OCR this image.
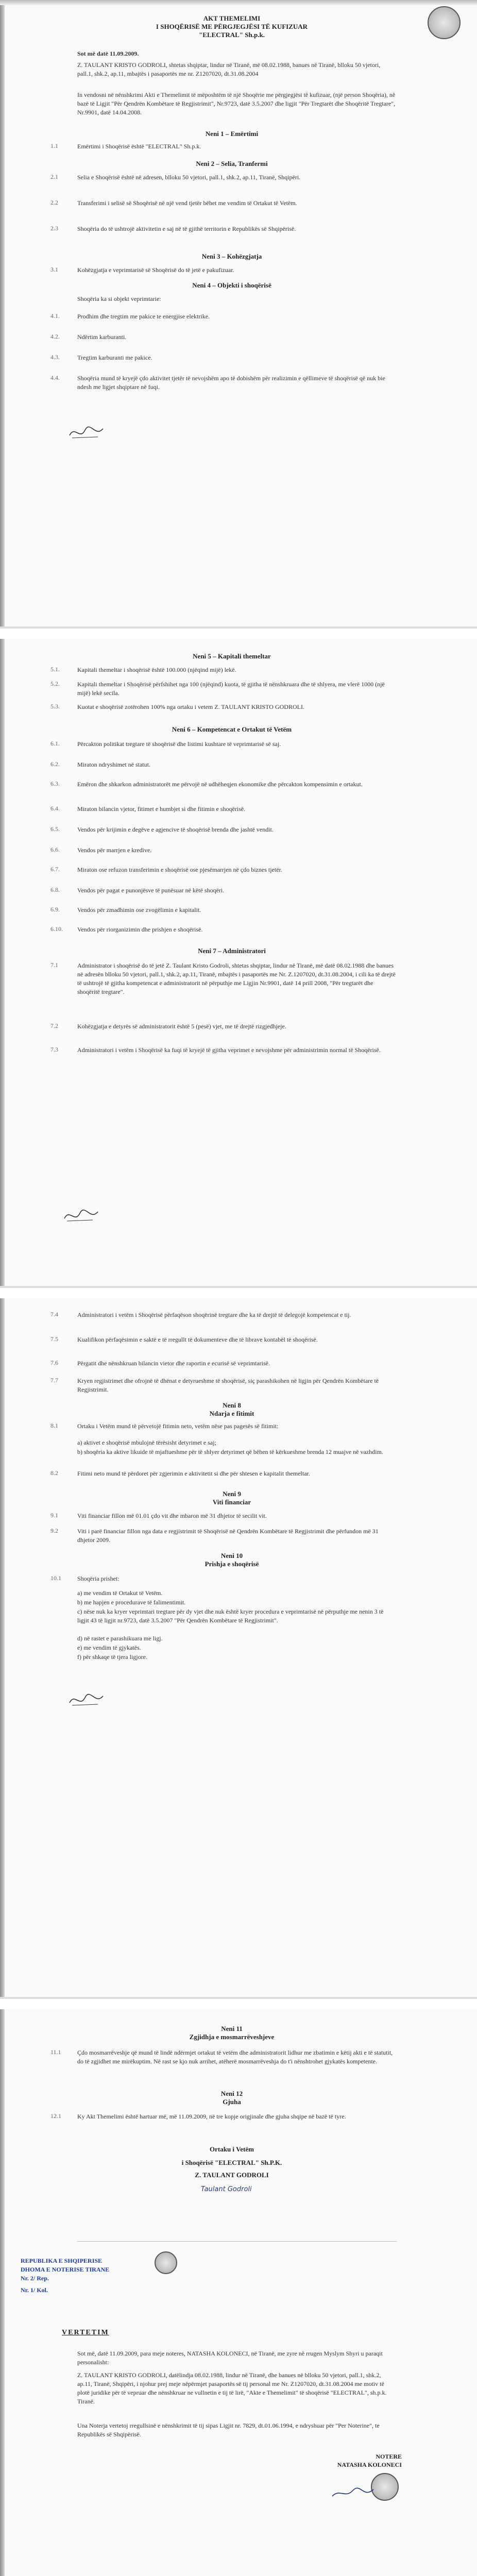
AKT THEMELIMI
I SHOQËRISË ME PËRGJEGJËSI TË KUFIZUAR
"ELECTRAL" Sh.p.k.
Sot më datë 11.09.2009.
Z. TAULANT KRISTO GODROLI, shtetas shqiptar, lindur në Tiranë, më 08.02.1988, banues në Tiranë, blloku 50 vjetori, pall.1, shk.2, ap.11, mbajtës i pasaportës me nr. Z1207020, dt.31.08.2004
In vendosni në nënshkrimi Akti e Themelimit të mëposhtëm të një Shoqërie me përgjegjësi të kufizuar, (një person Shoqëria), në bazë të Ligjit "Për Qendrën Kombëtare të Regjistrimit", Nr.9723, datë 3.5.2007 dhe ligjit "Për Tregtarët dhe Shoqëritë Tregtare", Nr.9901, datë 14.04.2008.
Neni 1 – Emërtimi
1.1	Emërtimi i Shoqërisë është "ELECTRAL" Sh.p.k.
Neni 2 – Selia, Tranfermi
2.1	Selia e Shoqërisë është në adresen, blloku 50 vjetori, pall.1, shk.2, ap.11, Tiranë, Shqipëri.
2.2	Transferimi i selisë së Shoqërisë në një vend tjetër bëhet me vendim të Ortakut të Vetëm.
2.3	Shoqëria do të ushtrojë aktivitetin e saj në të gjithë territorin e Republikës së Shqipërisë.
Neni 3 – Kohëzgjatja
3.1	Kohëzgjatja e veprimtarisë së Shoqërisë do të jetë e pakufizuar.
Neni 4 – Objekti i shoqërisë
Shoqëria ka si objekt veprimtarie:
4.1.	Prodhim dhe tregtim me pakice te energjise elektrike.
4.2.	Ndërtim karburanti.
4.3.	Tregtim karburanti me pakice.
4.4.	Shoqëria mund të kryejë çdo aktivitet tjetër të nevojshëm apo të dobishëm për realizimin e qëllimeve të shoqërisë që nuk bie ndesh me ligjet shqiptare në fuqi.
Neni 5 – Kapitali themeltar
5.1.	Kapitali themeltar i shoqërisë është 100.000 (njëqind mijë) lekë.
5.2.	Kapitali themeltar i Shoqërisë përfshihet nga 100 (njëqind) kuota, të gjitha të nënshkruara dhe të shlyera, me vlerë 1000 (një mijë) lekë secila.
5.3.	Kuotat e shoqërisë zotërohen 100% nga ortaku i vetem Z. TAULANT KRISTO GODROLI.
Neni 6 – Kompetencat e Ortakut të Vetëm
6.1.	Përcakton politikat tregtare të shoqërisë dhe listimi kushtare të veprimtarisë së saj.
6.2.	Miraton ndryshimet në statut.
6.3.	Emëron dhe shkarkon administratorët me përvojë në udhëheqjen ekonomike dhe përcakton kompensimin e ortakut.
6.4.	Miraton bilancin vjetor, fitimet e humbjet si dhe fitimin e shoqërisë.
6.5.	Vendos për krijimin e degëve e agjencive të shoqërisë brenda dhe jashtë vendit.
6.6.	Vendos për marrjen e kredive.
6.7.	Miraton ose refuzon transferimin e shoqërisë ose pjesëmarrjen në çdo biznes tjetër.
6.8.	Vendos për pagat e punonjësve të punësuar në këtë shoqëri.
6.9.	Vendos për zmadhimin ose zvogëlimin e kapitalit.
6.10. Vendos për riorganizimin dhe prishjen e shoqërisë.
Neni 7 – Administratori
7.1	Administrator i shoqërisë do të jetë Z. Taulant Kristo Godroli, shtetas shqiptar, lindur në Tiranë, më datë 08.02.1988 dhe banues në adresën blloku 50 vjetori, pall.1, shk.2, ap.11, Tiranë, mbajtës i pasaportës me Nr. Z.1207020, dt.31.08.2004, i cili ka të drejtë të ushtrojë të gjitha kompetencat e administratorit në përputhje me Ligjin Nr.9901, datë 14 prill 2008, "Për tregtarët dhe shoqëritë tregtare".
7.2	Kohëzgjatja e detyrës së administratorit është 5 (pesë) vjet, me të drejtë rizgjedhjeje.
7.3	Administratori i vetëm i Shoqërisë ka fuqi të kryejë të gjitha veprimet e nevojshme për administrimin normal të Shoqërisë.
7.4	Administratori i vetëm i Shoqërisë përfaqëson shoqërinë tregtare dhe ka të drejtë të delegojë kompetencat e tij.
7.5	Kualifikon përfaqësimin e saktë e të rregullt të dokumenteve dhe të librave kontabël të shoqërisë.
7.6	Përgatit dhe nënshkruan bilancin vietor dhe raportin e ecurisë së veprimtarisë.
7.7	Kryen regjistrimet dhe ofrojnë të dhënat e detyrueshme të shoqërisë, siç parashikohen në ligjin për Qendrën Kombëtare të Regjistrimit.
Neni 8
Ndarja e fitimit
8.1	Ortaku i Vetëm mund të përvetojë fitimin neto, vetëm nëse pas pagesës së fitimit:
a) aktivet e shoqërisë mbulojnë tërësisht detyrimet e saj;
b) shoqëria ka aktive likuide të mjaftueshme për të shlyer detyrimet që bëhen të kërkueshme brenda 12 muajve në vazhdim.
8.2	Fitimi neto mund të përdoret për zgjerimin e aktivitetit si dhe për shtesen e kapitalit themeltar.
Neni 9
Viti financiar
9.1	Viti financiar fillon më 01.01 çdo vit dhe mbaron më 31 dhjetor të secilit vit.
9.2	Viti i parë financiar fillon nga data e regjistrimit të Shoqërisë në Qendrën Kombëtare të Regjistrimit dhe përfundon më 31 dhjetor 2009.
Neni 10
Prishja e shoqërisë
10.1	Shoqëria prishet:
a) me vendim të Ortakut të Vetëm.
b) me hapjen e procedurave të falimentimit.
c) nëse nuk ka kryer veprimtari tregtare për dy vjet dhe nuk është kryer procedura e veprimtarisë në përputhje me nenin 3 të ligjit 43 të ligjit nr.9723, datë 3.5.2007 "Për Qendrën Kombëtare të Regjistrimit".
d) në rastet e parashikuara me ligj.
e) me vendim të gjykatës.
f) për shkaqe të tjera ligjore.
Neni 11
Zgjidhja e mosmarrëveshjeve
11.1	Çdo mosmarrëveshje që mund të lindë ndërmjet ortakut të vetëm dhe administratorit lidhur me zbatimin e këtij akti e të statutit, do të zgjidhet me mirëkuptim. Në rast se kjo nuk arrihet, atëherë mosmarrëveshja do t'i nënshtrohet gjykatës kompetente.
Neni 12
Gjuha
12.1	Ky Akt Themelimi është hartuar më, më 11.09.2009, në tre kopje origjinale dhe gjuha shqipe në bazë të tyre.
Ortaku i Vetëm
i Shoqërisë "ELECTRAL" Sh.P.K.
Z. TAULANT GODROLI
Taulant Godroli
REPUBLIKA E SHQIPERISE
DHOMA E NOTERISE TIRANE
Nr. 2/ Rep.
Nr. 1/ Kol.
VERTETIM
Sot më, datë 11.09.2009, para meje noteres, NATASHA KOLONECI, në Tiranë, me zyre në rrugen Myslym Shyri u paraqit personalisht:
Z. TAULANT KRISTO GODROLI, datëlindja 08.02.1988, lindur në Tiranë, dhe banues në blloku 50 vjetori, pall.1, shk.2, ap.11, Tiranë, Shqipëri, i njohur prej meje nëpërmjet pasaportës së tij personal me Nr. Z1207020, dt.31.08.2004 me motiv të plotë juridike për të vepruar dhe nënshkruar ne vullnetin e tij të lirë, "Akte e Themelimit" të shoqërisë "ELECTRAL", sh.p.k. Tiranë.
Una Noterja vertetoj rregullsinë e nënshkrimit të tij sipas Ligjit nr. 7829, dt.01.06.1994, e ndryshuar për "Per Noterine", te Republikës së Shqipërisë.
NOTERE
NATASHA KOLONECI
